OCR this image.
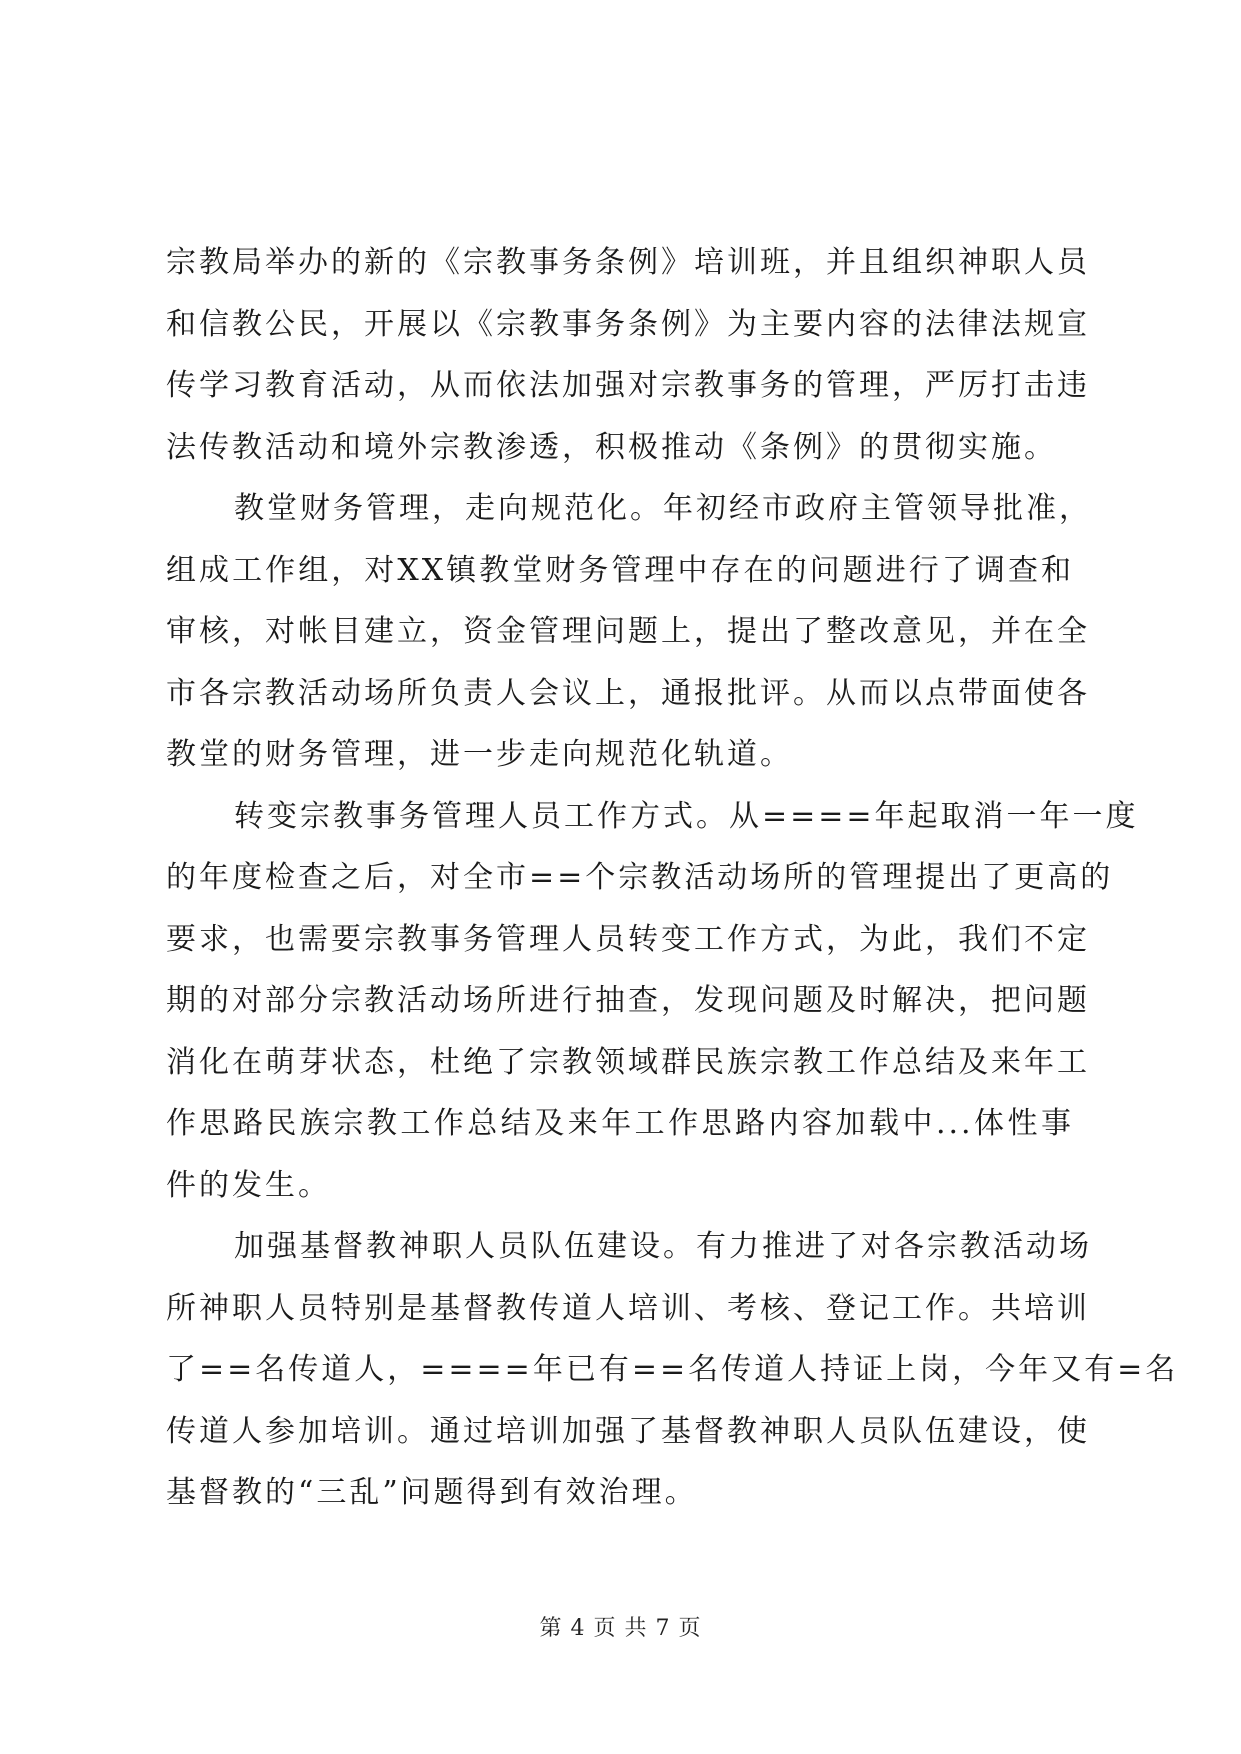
宗教局举办的新的《宗教事务条例》培训班，并且组织神职人员
和信教公民，开展以《宗教事务条例》为主要内容的法律法规宣
传学习教育活动，从而依法加强对宗教事务的管理，严厉打击违
法传教活动和境外宗教渗透，积极推动《条例》的贯彻实施。
教堂财务管理，走向规范化。年初经市政府主管领导批准，
组成工作组，对XX镇教堂财务管理中存在的问题进行了调查和
审核，对帐目建立，资金管理问题上，提出了整改意见，并在全
市各宗教活动场所负责人会议上，通报批评。从而以点带面使各
教堂的财务管理，进一步走向规范化轨道。
转变宗教事务管理人员工作方式。从====年起取消一年一度
的年度检查之后，对全市==个宗教活动场所的管理提出了更高的
要求，也需要宗教事务管理人员转变工作方式，为此，我们不定
期的对部分宗教活动场所进行抽查，发现问题及时解决，把问题
消化在萌芽状态，杜绝了宗教领域群民族宗教工作总结及来年工
作思路民族宗教工作总结及来年工作思路内容加载中...体性事
件的发生。
加强基督教神职人员队伍建设。有力推进了对各宗教活动场
所神职人员特别是基督教传道人培训、考核、登记工作。共培训
了==名传道人，====年已有==名传道人持证上岗，今年又有=名
传道人参加培训。通过培训加强了基督教神职人员队伍建设，使
基督教的“三乱”问题得到有效治理。
第 4 页 共 7 页
